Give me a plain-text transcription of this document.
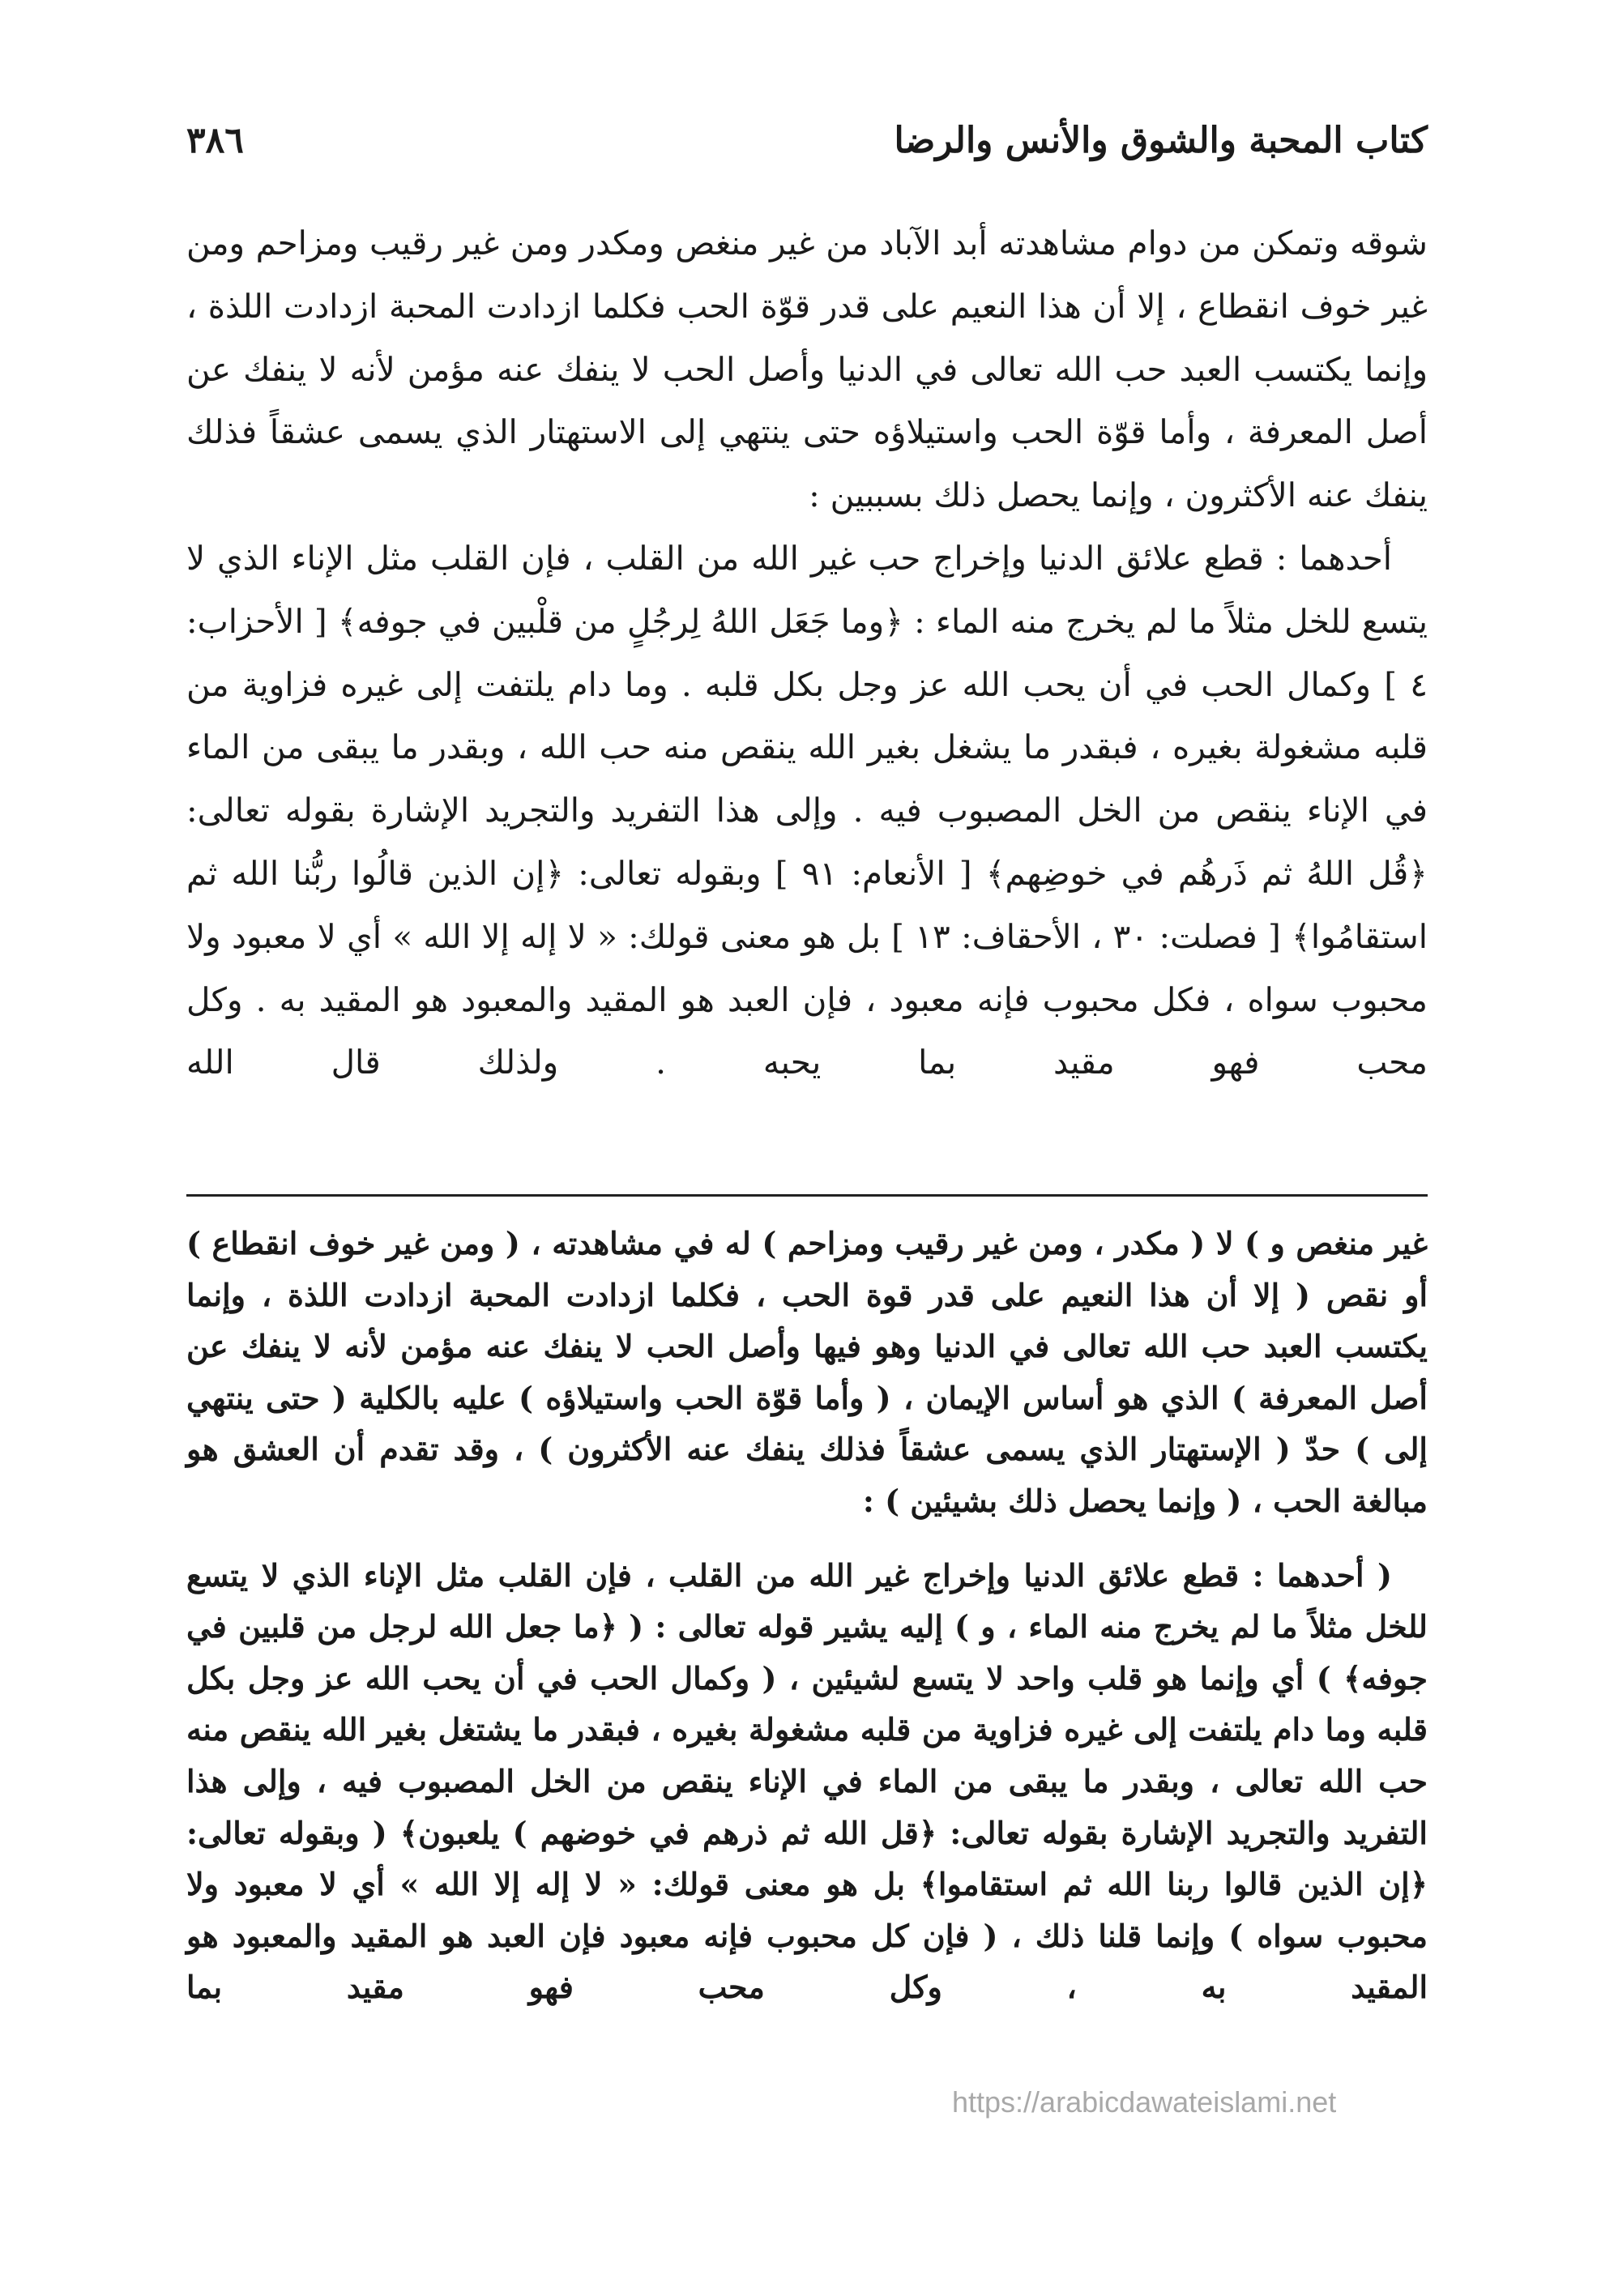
كتاب المحبة والشوق والأنس والرضا
٣٨٦

شوقه وتمكن من دوام مشاهدته أبد الآباد من غير منغص ومكدر ومن غير رقيب ومزاحم ومن غير خوف انقطاع ، إلا أن هذا النعيم على قدر قوّة الحب فكلما ازدادت المحبة ازدادت اللذة ، وإنما يكتسب العبد حب الله تعالى في الدنيا وأصل الحب لا ينفك عنه مؤمن لأنه لا ينفك عن أصل المعرفة ، وأما قوّة الحب واستيلاؤه حتى ينتهي إلى الاستهتار الذي يسمى عشقاً فذلك ينفك عنه الأكثرون ، وإنما يحصل ذلك بسببين :

أحدهما : قطع علائق الدنيا وإخراج حب غير الله من القلب ، فإن القلب مثل الإناء الذي لا يتسع للخل مثلاً ما لم يخرج منه الماء : ﴿وما جَعَل اللهُ لِرجُلٍ من قلْبين في جوفه﴾ [ الأحزاب: ٤ ] وكمال الحب في أن يحب الله عز وجل بكل قلبه . وما دام يلتفت إلى غيره فزاوية من قلبه مشغولة بغيره ، فبقدر ما يشغل بغير الله ينقص منه حب الله ، وبقدر ما يبقى من الماء في الإناء ينقص من الخل المصبوب فيه . وإلى هذا التفريد والتجريد الإشارة بقوله تعالى: ﴿قُل اللهُ ثم ذَرهُم في خوضِهم﴾ [ الأنعام: ٩١ ] وبقوله تعالى: ﴿إن الذين قالُوا ربُّنا الله ثم استقامُوا﴾ [ فصلت: ٣٠ ، الأحقاف: ١٣ ] بل هو معنى قولك: « لا إله إلا الله » أي لا معبود ولا محبوب سواه ، فكل محبوب فإنه معبود ، فإن العبد هو المقيد والمعبود هو المقيد به . وكل محب فهو مقيد بما يحبه . ولذلك قال الله

غير منغص و ) لا ( مكدر ، ومن غير رقيب ومزاحم ) له في مشاهدته ، ( ومن غير خوف انقطاع ) أو نقص ( إلا أن هذا النعيم على قدر قوة الحب ، فكلما ازدادت المحبة ازدادت اللذة ، وإنما يكتسب العبد حب الله تعالى في الدنيا وهو فيها وأصل الحب لا ينفك عنه مؤمن لأنه لا ينفك عن أصل المعرفة ) الذي هو أساس الإيمان ، ( وأما قوّة الحب واستيلاؤه ) عليه بالكلية ( حتى ينتهي إلى ) حدّ ( الإستهتار الذي يسمى عشقاً فذلك ينفك عنه الأكثرون ) ، وقد تقدم أن العشق هو مبالغة الحب ، ( وإنما يحصل ذلك بشيئين ) :

( أحدهما : قطع علائق الدنيا وإخراج غير الله من القلب ، فإن القلب مثل الإناء الذي لا يتسع للخل مثلاً ما لم يخرج منه الماء ، و ) إليه يشير قوله تعالى : ( ﴿ما جعل الله لرجل من قلبين في جوفه﴾ ) أي وإنما هو قلب واحد لا يتسع لشيئين ، ( وكمال الحب في أن يحب الله عز وجل بكل قلبه وما دام يلتفت إلى غيره فزاوية من قلبه مشغولة بغيره ، فبقدر ما يشتغل بغير الله ينقص منه حب الله تعالى ، وبقدر ما يبقى من الماء في الإناء ينقص من الخل المصبوب فيه ، وإلى هذا التفريد والتجريد الإشارة بقوله تعالى: ﴿قل الله ثم ذرهم في خوضهم ) يلعبون﴾ ( وبقوله تعالى: ﴿إن الذين قالوا ربنا الله ثم استقاموا﴾ بل هو معنى قولك: « لا إله إلا الله » أي لا معبود ولا محبوب سواه ) وإنما قلنا ذلك ، ( فإن كل محبوب فإنه معبود فإن العبد هو المقيد والمعبود هو المقيد به ، وكل محب فهو مقيد بما

https://arabicdawateislami.net
